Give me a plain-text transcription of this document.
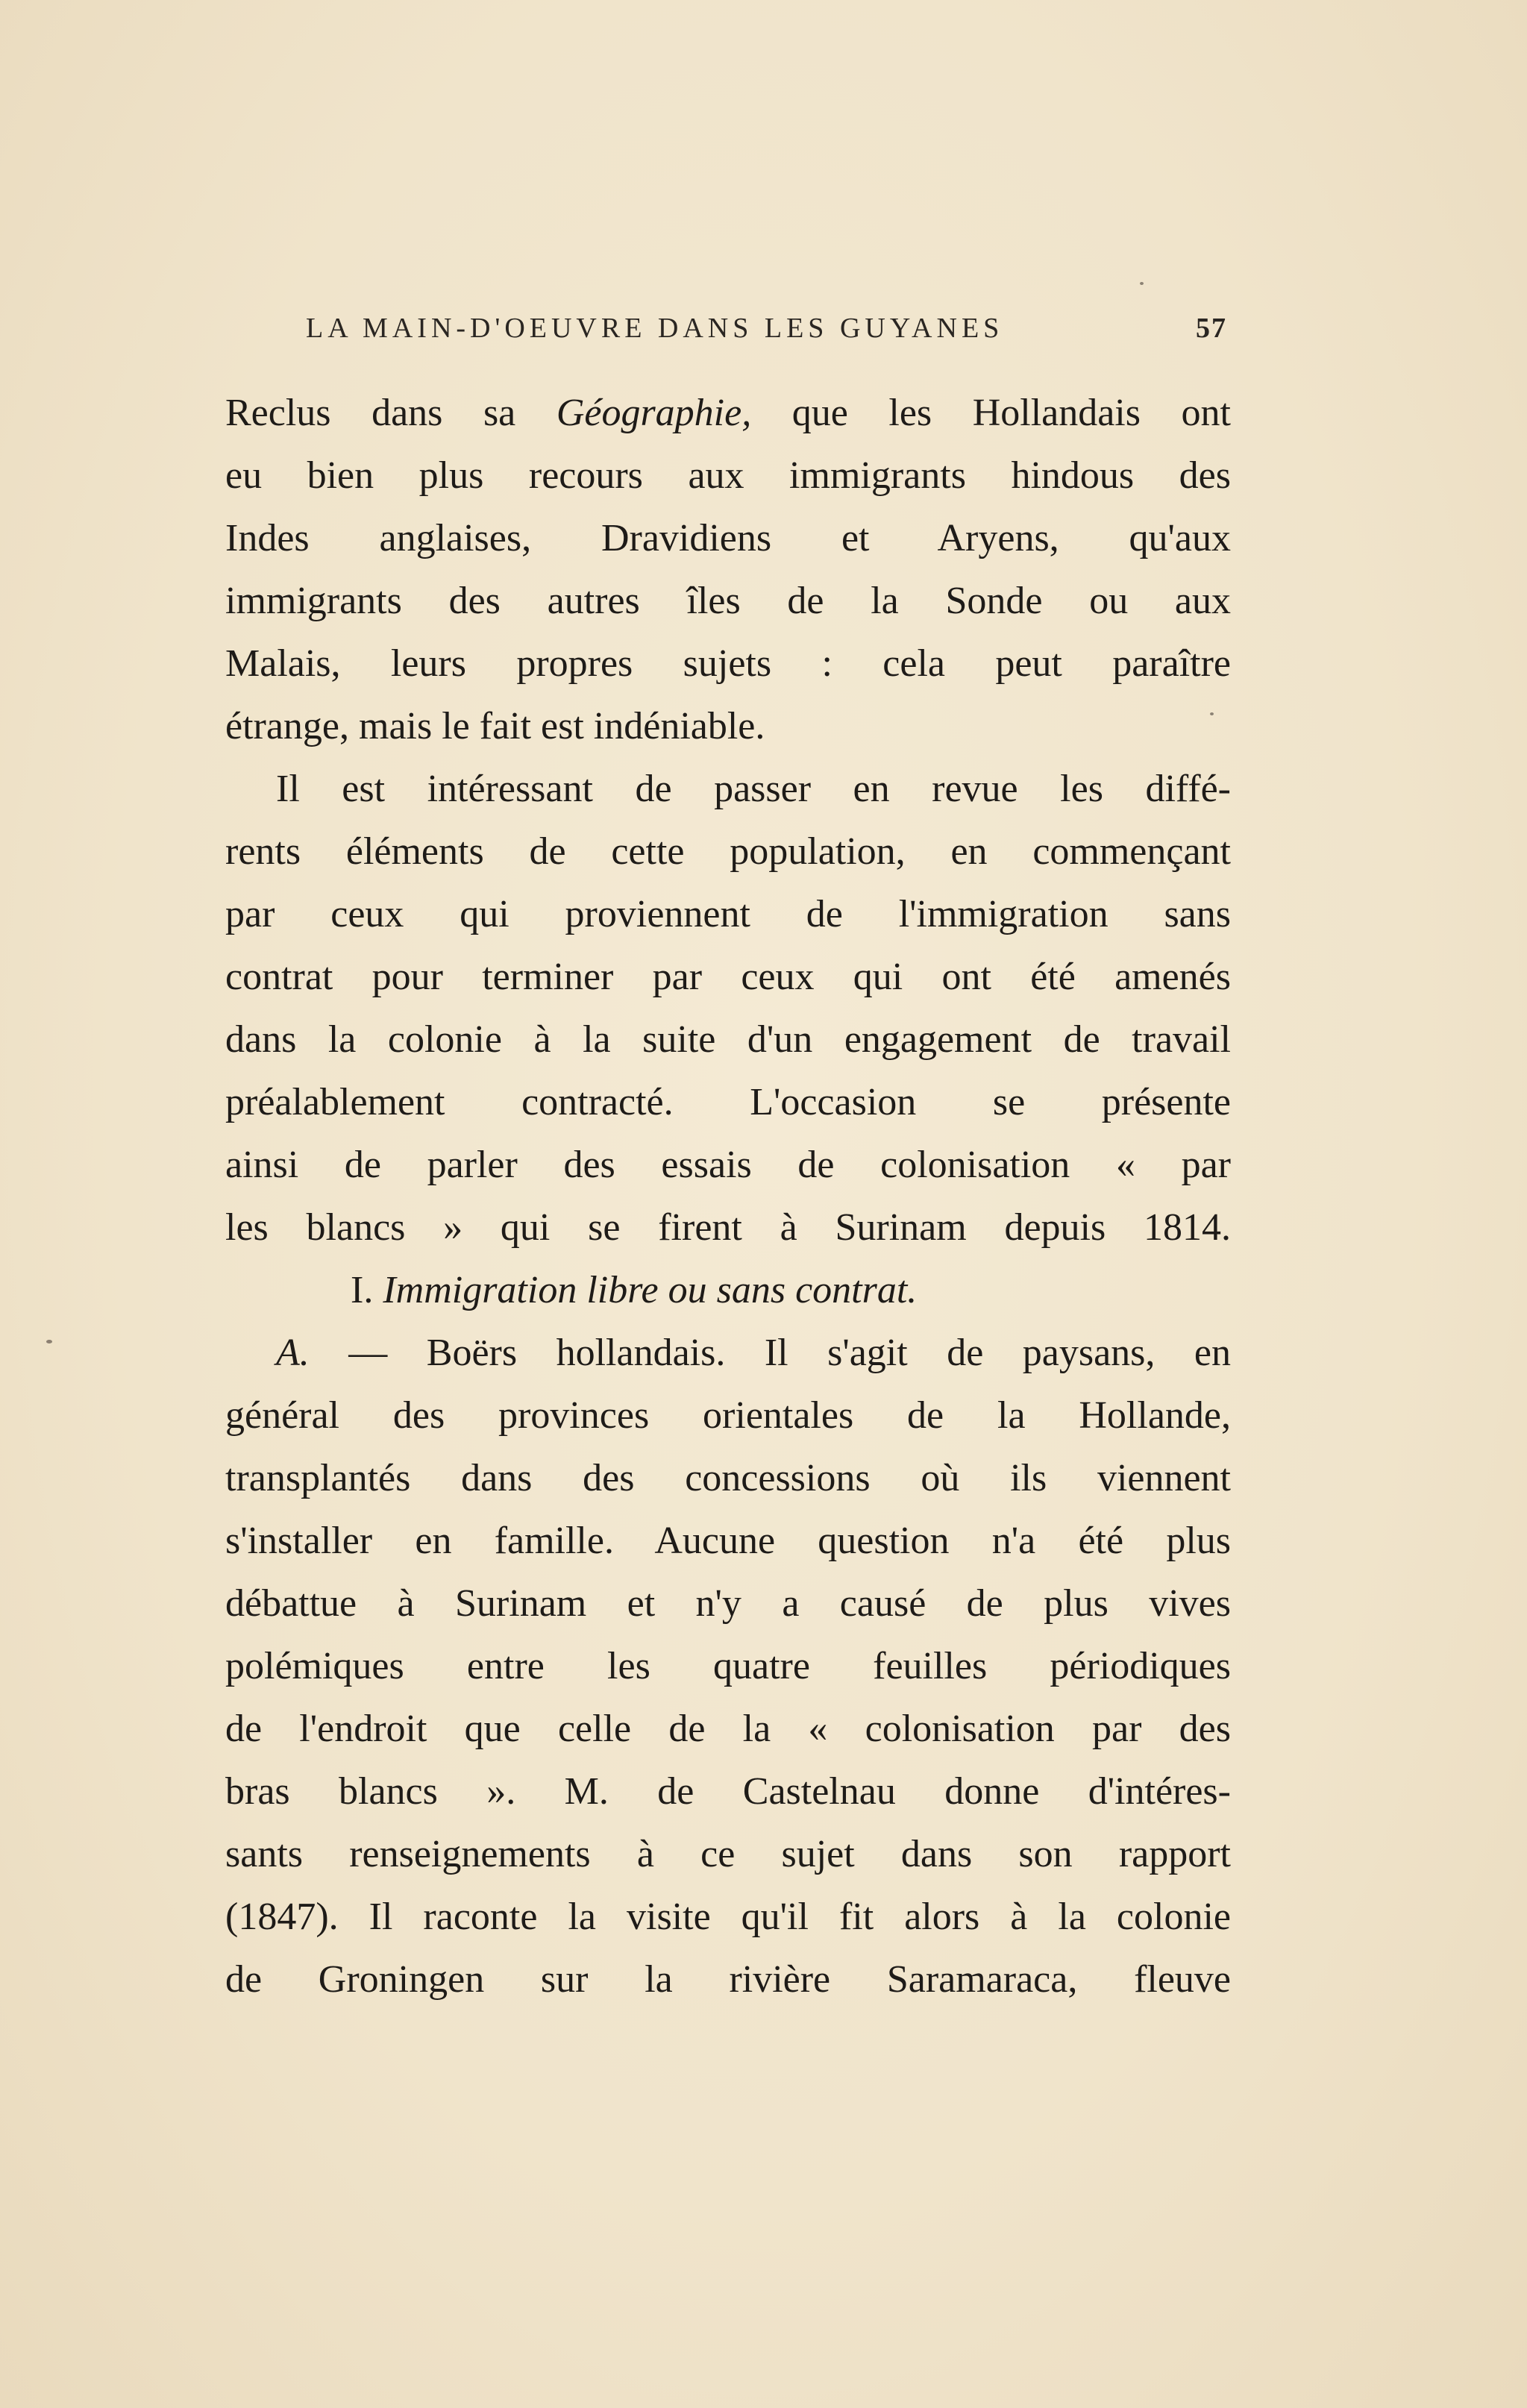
LA MAIN-D'OEUVRE DANS LES GUYANES	57
Reclus dans sa Géographie, que les Hollandais ont
eu bien plus recours aux immigrants hindous des
Indes anglaises, Dravidiens et Aryens, qu'aux
immigrants des autres îles de la Sonde ou aux
Malais, leurs propres sujets : cela peut paraître
étrange, mais le fait est indéniable.
Il est intéressant de passer en revue les diffé-
rents éléments de cette population, en commençant
par ceux qui proviennent de l'immigration sans
contrat pour terminer par ceux qui ont été amenés
dans la colonie à la suite d'un engagement de travail
préalablement contracté. L'occasion se présente
ainsi de parler des essais de colonisation « par
les blancs » qui se firent à Surinam depuis 1814.
I. Immigration libre ou sans contrat.
A. — Boërs hollandais. Il s'agit de paysans, en
général des provinces orientales de la Hollande,
transplantés dans des concessions où ils viennent
s'installer en famille. Aucune question n'a été plus
débattue à Surinam et n'y a causé de plus vives
polémiques entre les quatre feuilles périodiques
de l'endroit que celle de la « colonisation par des
bras blancs ». M. de Castelnau donne d'intéres-
sants renseignements à ce sujet dans son rapport
(1847). Il raconte la visite qu'il fit alors à la colonie
de Groningen sur la rivière Saramaraca, fleuve
